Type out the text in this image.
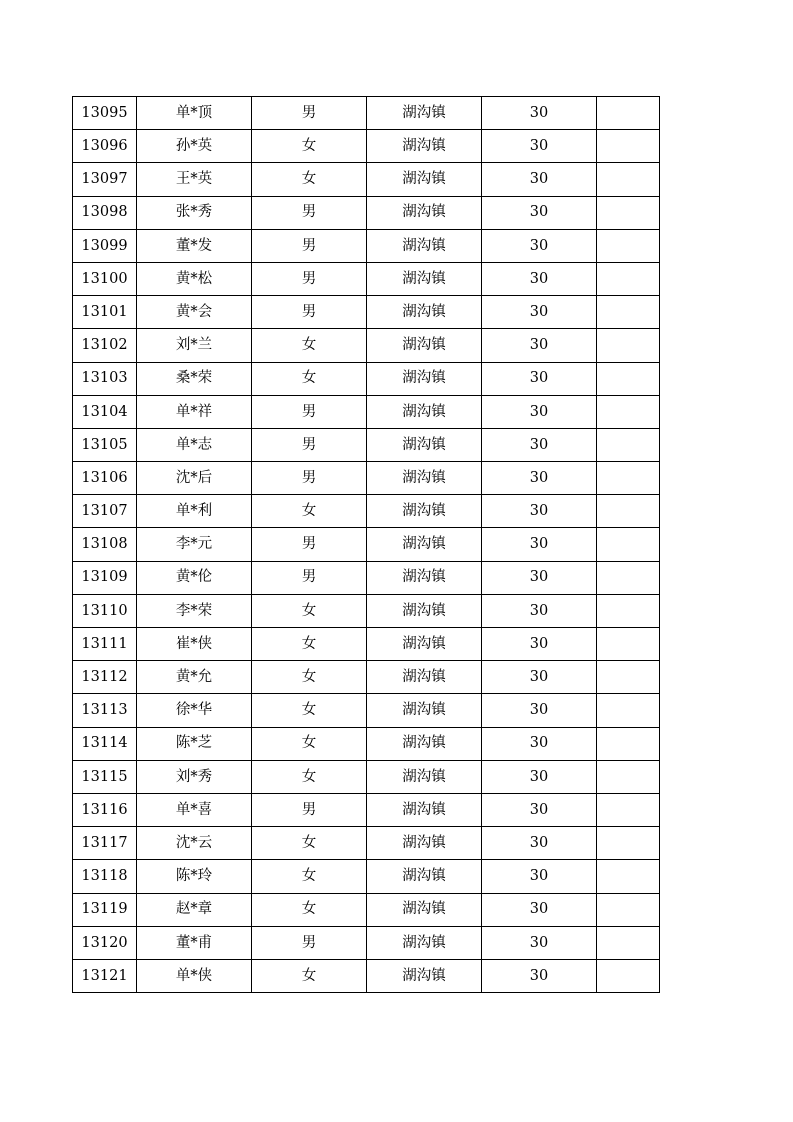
13095	单*顶	男	湖沟镇	30	
13096	孙*英	女	湖沟镇	30	
13097	王*英	女	湖沟镇	30	
13098	张*秀	男	湖沟镇	30	
13099	董*发	男	湖沟镇	30	
13100	黄*松	男	湖沟镇	30	
13101	黄*会	男	湖沟镇	30	
13102	刘*兰	女	湖沟镇	30	
13103	桑*荣	女	湖沟镇	30	
13104	单*祥	男	湖沟镇	30	
13105	单*志	男	湖沟镇	30	
13106	沈*后	男	湖沟镇	30	
13107	单*利	女	湖沟镇	30	
13108	李*元	男	湖沟镇	30	
13109	黄*伦	男	湖沟镇	30	
13110	李*荣	女	湖沟镇	30	
13111	崔*侠	女	湖沟镇	30	
13112	黄*允	女	湖沟镇	30	
13113	徐*华	女	湖沟镇	30	
13114	陈*芝	女	湖沟镇	30	
13115	刘*秀	女	湖沟镇	30	
13116	单*喜	男	湖沟镇	30	
13117	沈*云	女	湖沟镇	30	
13118	陈*玲	女	湖沟镇	30	
13119	赵*章	女	湖沟镇	30	
13120	董*甫	男	湖沟镇	30	
13121	单*侠	女	湖沟镇	30	
